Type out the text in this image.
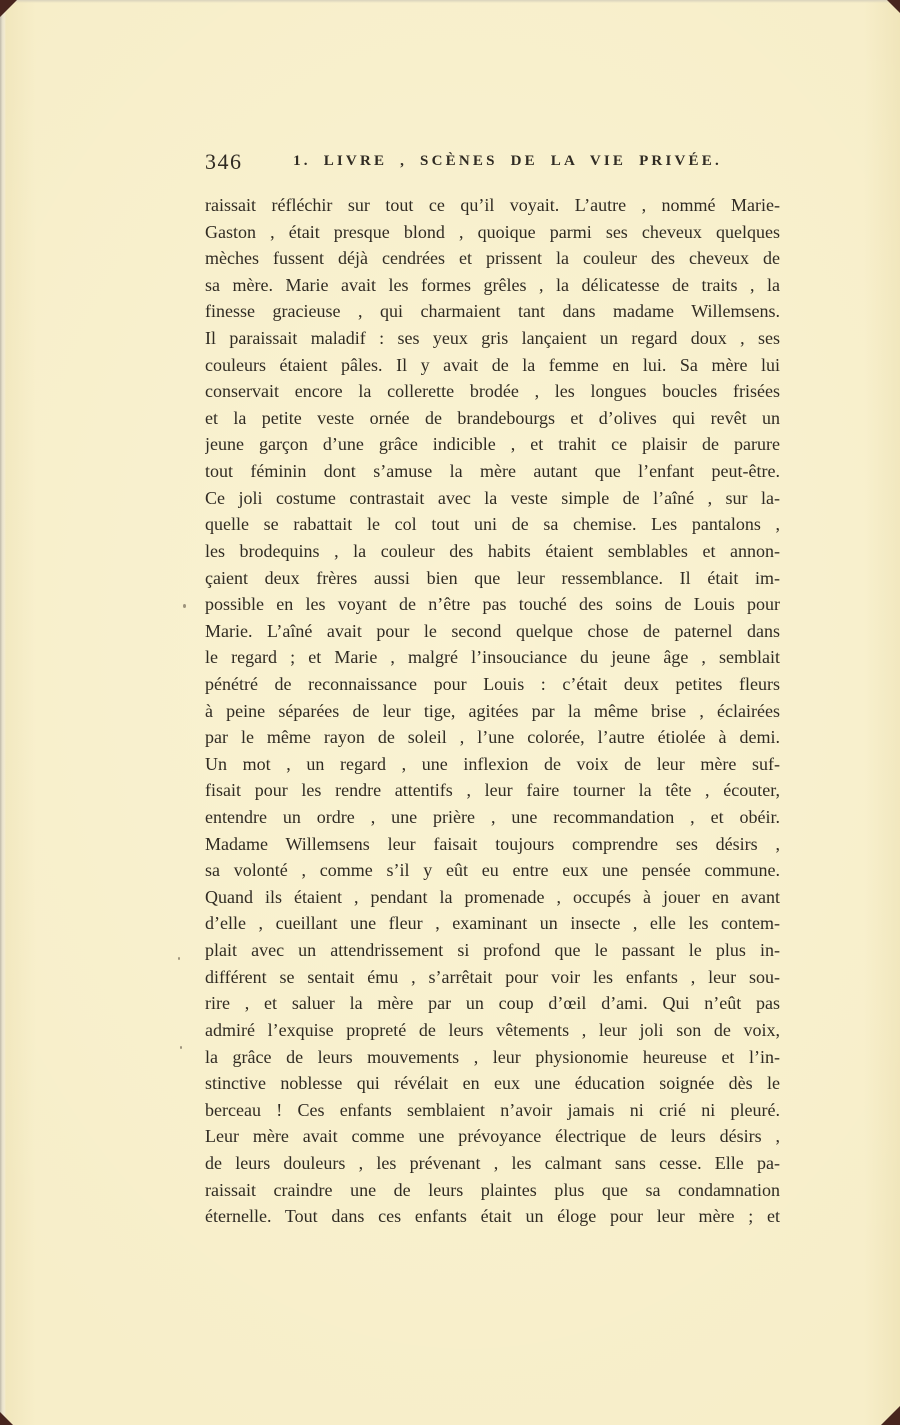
346	1. LIVRE , SCÈNES DE LA VIE PRIVÉE.
raissait réfléchir sur tout ce qu’il voyait. L’autre , nommé Marie-
Gaston , était presque blond , quoique parmi ses cheveux quelques
mèches fussent déjà cendrées et prissent la couleur des cheveux de
sa mère. Marie avait les formes grêles , la délicatesse de traits , la
finesse gracieuse , qui charmaient tant dans madame Willemsens.
Il paraissait maladif : ses yeux gris lançaient un regard doux , ses
couleurs étaient pâles. Il y avait de la femme en lui. Sa mère lui
conservait encore la collerette brodée , les longues boucles frisées
et la petite veste ornée de brandebourgs et d’olives qui revêt un
jeune garçon d’une grâce indicible , et trahit ce plaisir de parure
tout féminin dont s’amuse la mère autant que l’enfant peut-être.
Ce joli costume contrastait avec la veste simple de l’aîné , sur la-
quelle se rabattait le col tout uni de sa chemise. Les pantalons ,
les brodequins , la couleur des habits étaient semblables et annon-
çaient deux frères aussi bien que leur ressemblance. Il était im-
possible en les voyant de n’être pas touché des soins de Louis pour
Marie. L’aîné avait pour le second quelque chose de paternel dans
le regard ; et Marie , malgré l’insouciance du jeune âge , semblait
pénétré de reconnaissance pour Louis : c’était deux petites fleurs
à peine séparées de leur tige, agitées par la même brise , éclairées
par le même rayon de soleil , l’une colorée, l’autre étiolée à demi.
Un mot , un regard , une inflexion de voix de leur mère suf-
fisait pour les rendre attentifs , leur faire tourner la tête , écouter,
entendre un ordre , une prière , une recommandation , et obéir.
Madame Willemsens leur faisait toujours comprendre ses désirs ,
sa volonté , comme s’il y eût eu entre eux une pensée commune.
Quand ils étaient , pendant la promenade , occupés à jouer en avant
d’elle , cueillant une fleur , examinant un insecte , elle les contem-
plait avec un attendrissement si profond que le passant le plus in-
différent se sentait ému , s’arrêtait pour voir les enfants , leur sou-
rire , et saluer la mère par un coup d’œil d’ami. Qui n’eût pas
admiré l’exquise propreté de leurs vêtements , leur joli son de voix,
la grâce de leurs mouvements , leur physionomie heureuse et l’in-
stinctive noblesse qui révélait en eux une éducation soignée dès le
berceau ! Ces enfants semblaient n’avoir jamais ni crié ni pleuré.
Leur mère avait comme une prévoyance électrique de leurs désirs ,
de leurs douleurs , les prévenant , les calmant sans cesse. Elle pa-
raissait craindre une de leurs plaintes plus que sa condamnation
éternelle. Tout dans ces enfants était un éloge pour leur mère ; et
